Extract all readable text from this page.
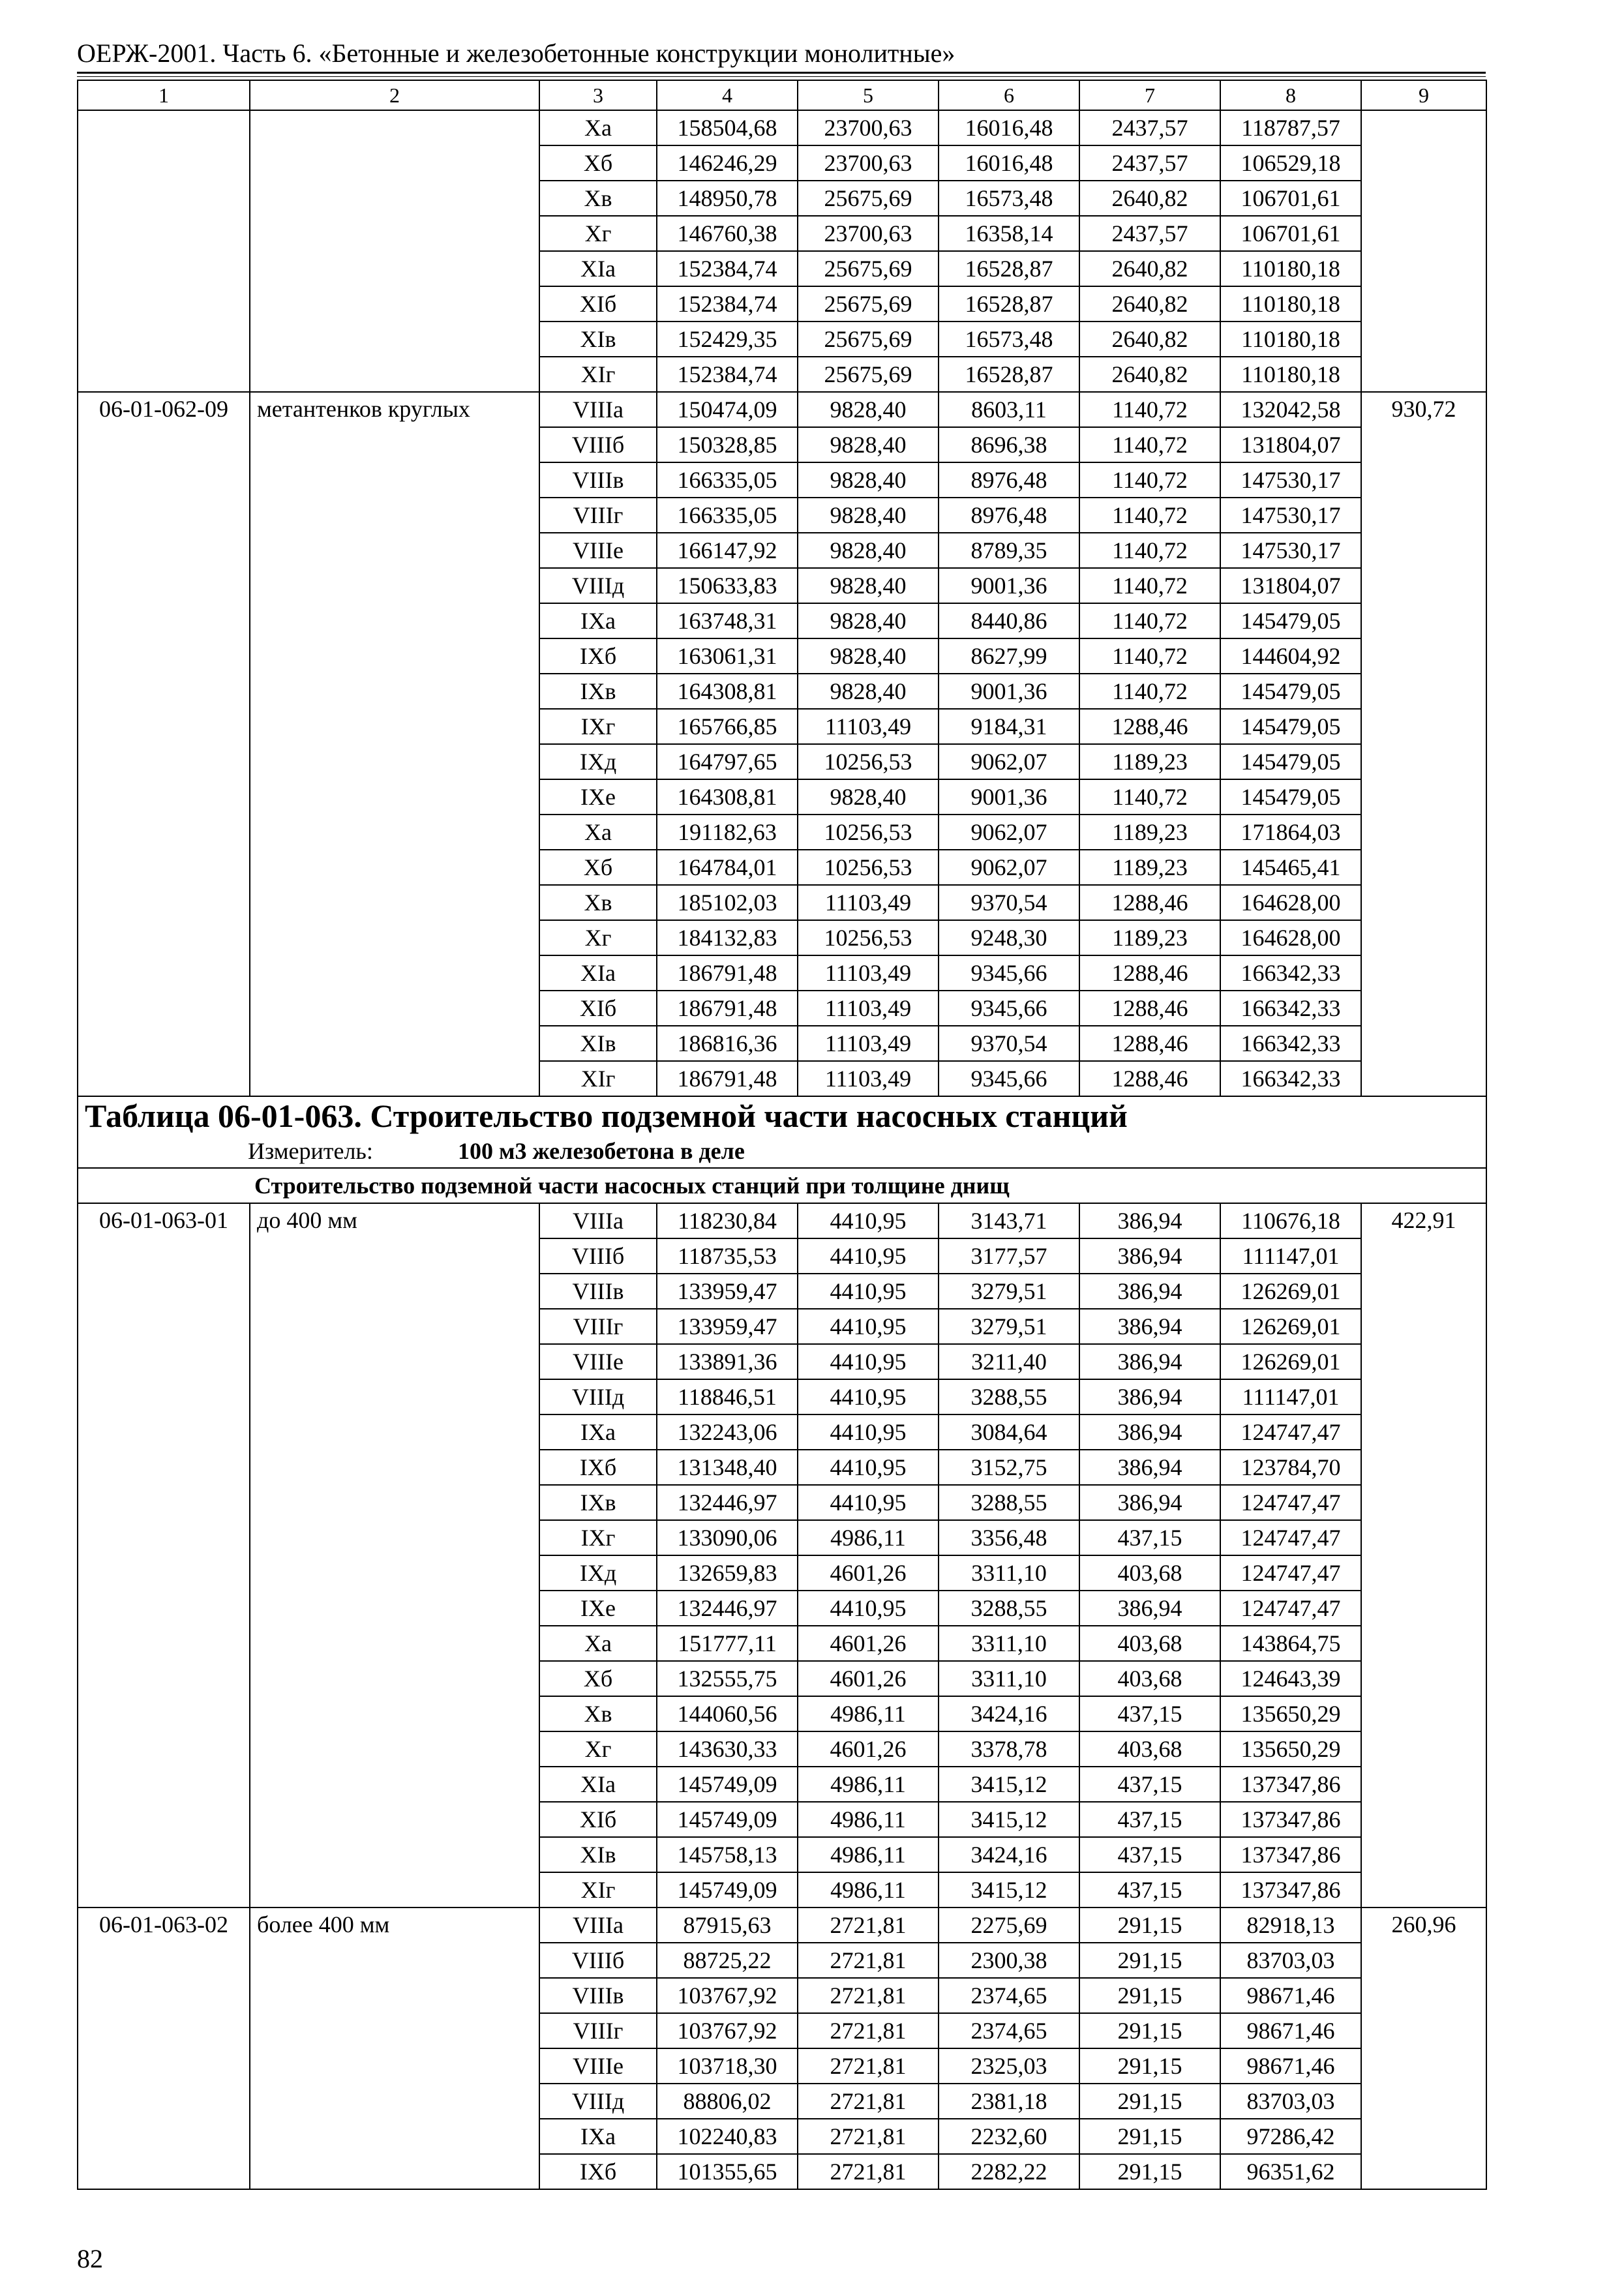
ОЕРЖ-2001. Часть 6. «Бетонные и железобетонные конструкции монолитные»
1	2	3	4	5	6	7	8	9
		Xа	158504,68	23700,63	16016,48	2437,57	118787,57	
		Xб	146246,29	23700,63	16016,48	2437,57	106529,18	
		Xв	148950,78	25675,69	16573,48	2640,82	106701,61	
		Xг	146760,38	23700,63	16358,14	2437,57	106701,61	
		XIа	152384,74	25675,69	16528,87	2640,82	110180,18	
		XIб	152384,74	25675,69	16528,87	2640,82	110180,18	
		XIв	152429,35	25675,69	16573,48	2640,82	110180,18	
		XIг	152384,74	25675,69	16528,87	2640,82	110180,18	
06-01-062-09	метантенков круглых	VIIIа	150474,09	9828,40	8603,11	1140,72	132042,58	930,72
		VIIIб	150328,85	9828,40	8696,38	1140,72	131804,07	
		VIIIв	166335,05	9828,40	8976,48	1140,72	147530,17	
		VIIIг	166335,05	9828,40	8976,48	1140,72	147530,17	
		VIIIе	166147,92	9828,40	8789,35	1140,72	147530,17	
		VIIIд	150633,83	9828,40	9001,36	1140,72	131804,07	
		IXа	163748,31	9828,40	8440,86	1140,72	145479,05	
		IXб	163061,31	9828,40	8627,99	1140,72	144604,92	
		IXв	164308,81	9828,40	9001,36	1140,72	145479,05	
		IXг	165766,85	11103,49	9184,31	1288,46	145479,05	
		IXд	164797,65	10256,53	9062,07	1189,23	145479,05	
		IXе	164308,81	9828,40	9001,36	1140,72	145479,05	
		Xа	191182,63	10256,53	9062,07	1189,23	171864,03	
		Xб	164784,01	10256,53	9062,07	1189,23	145465,41	
		Xв	185102,03	11103,49	9370,54	1288,46	164628,00	
		Xг	184132,83	10256,53	9248,30	1189,23	164628,00	
		XIа	186791,48	11103,49	9345,66	1288,46	166342,33	
		XIб	186791,48	11103,49	9345,66	1288,46	166342,33	
		XIв	186816,36	11103,49	9370,54	1288,46	166342,33	
		XIг	186791,48	11103,49	9345,66	1288,46	166342,33	
Таблица 06-01-063. Строительство подземной части насосных станций								
Измеритель: 100 м3 железобетона в деле								
Строительство подземной части насосных станций при толщине днищ								
06-01-063-01	до 400 мм	VIIIа	118230,84	4410,95	3143,71	386,94	110676,18	422,91
		VIIIб	118735,53	4410,95	3177,57	386,94	111147,01	
		VIIIв	133959,47	4410,95	3279,51	386,94	126269,01	
		VIIIг	133959,47	4410,95	3279,51	386,94	126269,01	
		VIIIе	133891,36	4410,95	3211,40	386,94	126269,01	
		VIIIд	118846,51	4410,95	3288,55	386,94	111147,01	
		IXа	132243,06	4410,95	3084,64	386,94	124747,47	
		IXб	131348,40	4410,95	3152,75	386,94	123784,70	
		IXв	132446,97	4410,95	3288,55	386,94	124747,47	
		IXг	133090,06	4986,11	3356,48	437,15	124747,47	
		IXд	132659,83	4601,26	3311,10	403,68	124747,47	
		IXе	132446,97	4410,95	3288,55	386,94	124747,47	
		Xа	151777,11	4601,26	3311,10	403,68	143864,75	
		Xб	132555,75	4601,26	3311,10	403,68	124643,39	
		Xв	144060,56	4986,11	3424,16	437,15	135650,29	
		Xг	143630,33	4601,26	3378,78	403,68	135650,29	
		XIа	145749,09	4986,11	3415,12	437,15	137347,86	
		XIб	145749,09	4986,11	3415,12	437,15	137347,86	
		XIв	145758,13	4986,11	3424,16	437,15	137347,86	
		XIг	145749,09	4986,11	3415,12	437,15	137347,86	
06-01-063-02	более 400 мм	VIIIа	87915,63	2721,81	2275,69	291,15	82918,13	260,96
		VIIIб	88725,22	2721,81	2300,38	291,15	83703,03	
		VIIIв	103767,92	2721,81	2374,65	291,15	98671,46	
		VIIIг	103767,92	2721,81	2374,65	291,15	98671,46	
		VIIIе	103718,30	2721,81	2325,03	291,15	98671,46	
		VIIIд	88806,02	2721,81	2381,18	291,15	83703,03	
		IXа	102240,83	2721,81	2232,60	291,15	97286,42	
		IXб	101355,65	2721,81	2282,22	291,15	96351,62	
82
